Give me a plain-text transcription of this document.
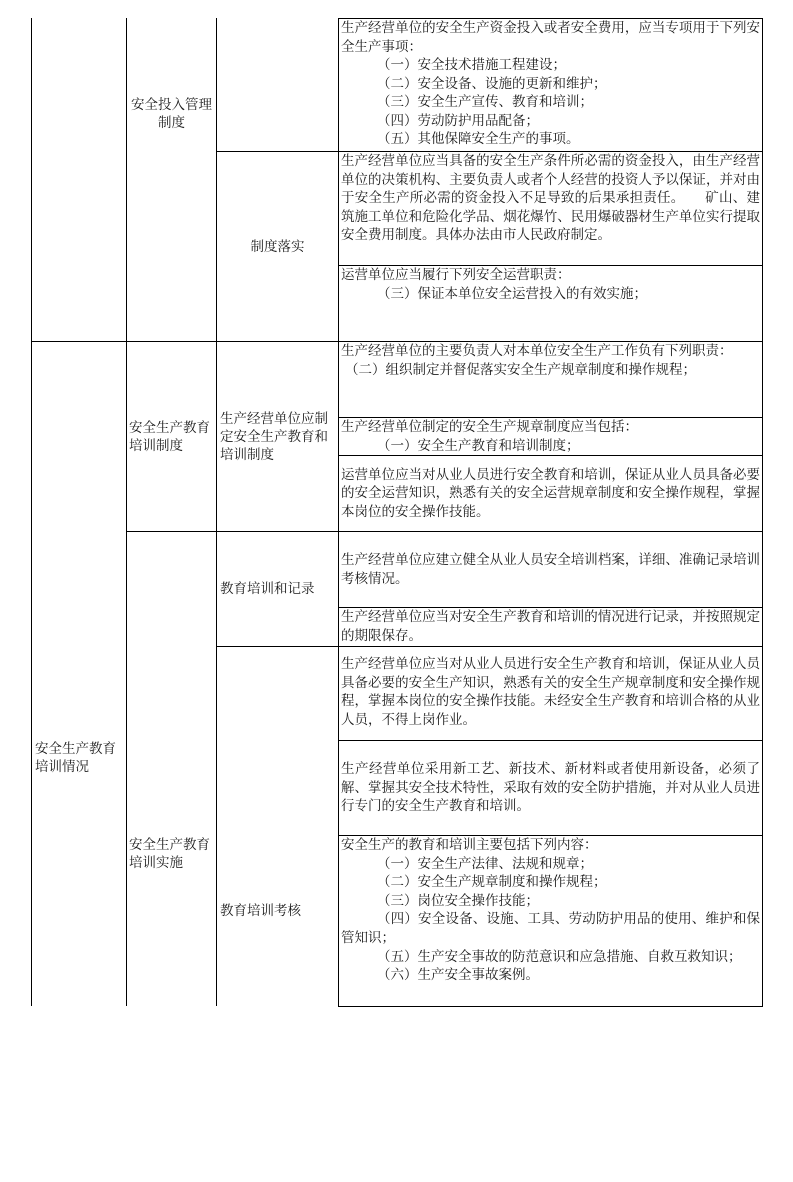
安全投入管理制度
制度落实
生产经营单位的安全生产资金投入或者安全费用，应当专项用于下列安全生产事项：
（一）安全技术措施工程建设；
（二）安全设备、设施的更新和维护；
（三）安全生产宣传、教育和培训；
（四）劳动防护用品配备；
（五）其他保障安全生产的事项。
生产经营单位应当具备的安全生产条件所必需的资金投入，由生产经营单位的决策机构、主要负责人或者个人经营的投资人予以保证，并对由于安全生产所必需的资金投入不足导致的后果承担责任。　　矿山、建筑施工单位和危险化学品、烟花爆竹、民用爆破器材生产单位实行提取安全费用制度。具体办法由市人民政府制定。
运营单位应当履行下列安全运营职责：
（三）保证本单位安全运营投入的有效实施；
安全生产教育培训情况
安全生产教育培训制度
生产经营单位应制定安全生产教育和培训制度
生产经营单位的主要负责人对本单位安全生产工作负有下列职责：
（二）组织制定并督促落实安全生产规章制度和操作规程；
生产经营单位制定的安全生产规章制度应当包括：
（一）安全生产教育和培训制度；
运营单位应当对从业人员进行安全教育和培训，保证从业人员具备必要的安全运营知识，熟悉有关的安全运营规章制度和安全操作规程，掌握本岗位的安全操作技能。
安全生产教育培训实施
教育培训和记录
生产经营单位应建立健全从业人员安全培训档案，详细、准确记录培训考核情况。
生产经营单位应当对安全生产教育和培训的情况进行记录，并按照规定的期限保存。
教育培训考核
生产经营单位应当对从业人员进行安全生产教育和培训，保证从业人员具备必要的安全生产知识，熟悉有关的安全生产规章制度和安全操作规程，掌握本岗位的安全操作技能。未经安全生产教育和培训合格的从业人员，不得上岗作业。
生产经营单位采用新工艺、新技术、新材料或者使用新设备，必须了解、掌握其安全技术特性，采取有效的安全防护措施，并对从业人员进行专门的安全生产教育和培训。
安全生产的教育和培训主要包括下列内容：
（一）安全生产法律、法规和规章；
（二）安全生产规章制度和操作规程；
（三）岗位安全操作技能；
（四）安全设备、设施、工具、劳动防护用品的使用、维护和保管知识；
（五）生产安全事故的防范意识和应急措施、自救互救知识；
（六）生产安全事故案例。
